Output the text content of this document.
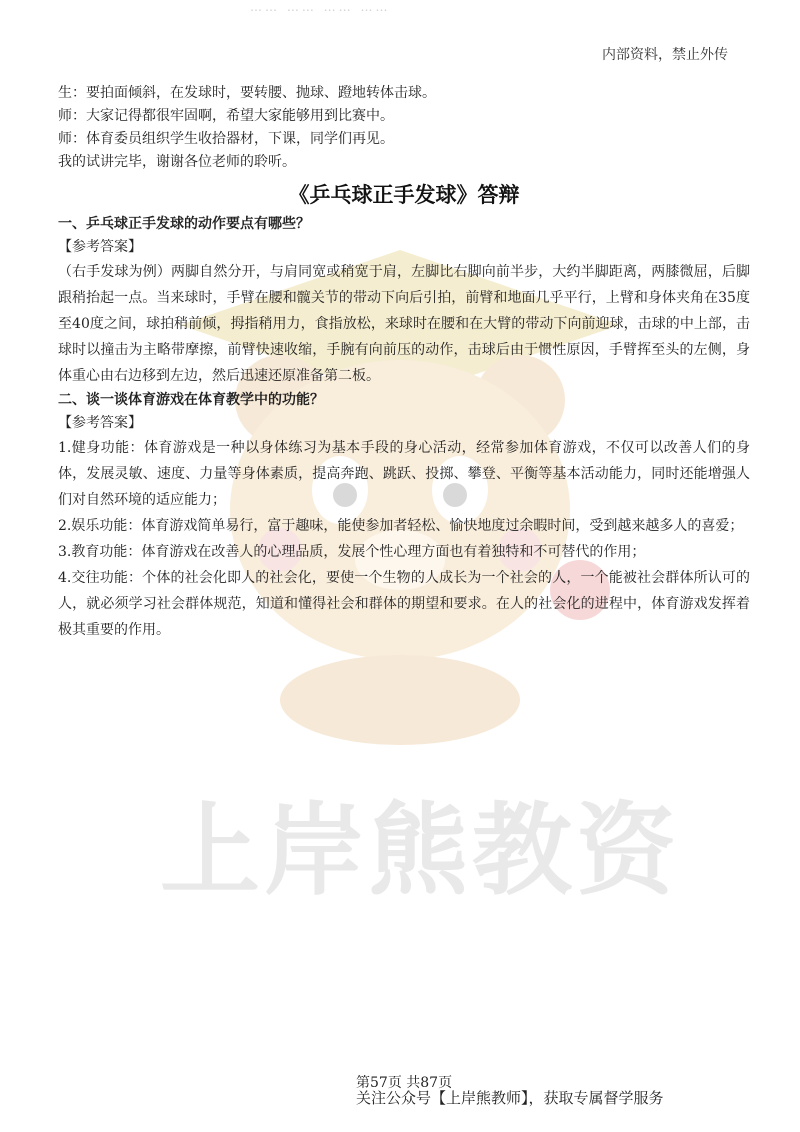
上岸熊教资
…… …… …… ……
内部资料，禁止外传

生：要拍面倾斜，在发球时，要转腰、抛球、蹬地转体击球。

师：大家记得都很牢固啊，希望大家能够用到比赛中。

师：体育委员组织学生收拾器材，下课，同学们再见。

我的试讲完毕，谢谢各位老师的聆听。

《乒乓球正手发球》答辩

一、乒乓球正手发球的动作要点有哪些？

【参考答案】

（右手发球为例）两脚自然分开，与肩同宽或稍宽于肩，左脚比右脚向前半步，大约半脚距离，两膝微屈，后脚跟稍抬起一点。当来球时，手臂在腰和髋关节的带动下向后引拍，前臂和地面几乎平行，上臂和身体夹角在35度至40度之间，球拍稍前倾，拇指稍用力，食指放松，来球时在腰和在大臂的带动下向前迎球，击球的中上部，击球时以撞击为主略带摩擦，前臂快速收缩，手腕有向前压的动作，击球后由于惯性原因，手臂挥至头的左侧，身体重心由右边移到左边，然后迅速还原准备第二板。

二、谈一谈体育游戏在体育教学中的功能？

【参考答案】

1.健身功能：体育游戏是一种以身体练习为基本手段的身心活动，经常参加体育游戏，不仅可以改善人们的身体，发展灵敏、速度、力量等身体素质，提高奔跑、跳跃、投掷、攀登、平衡等基本活动能力，同时还能增强人们对自然环境的适应能力；

2.娱乐功能：体育游戏简单易行，富于趣味，能使参加者轻松、愉快地度过余暇时间，受到越来越多人的喜爱；

3.教育功能：体育游戏在改善人的心理品质，发展个性心理方面也有着独特和不可替代的作用；

4.交往功能：个体的社会化即人的社会化，要使一个生物的人成长为一个社会的人，一个能被社会群体所认可的人，就必须学习社会群体规范，知道和懂得社会和群体的期望和要求。在人的社会化的进程中，体育游戏发挥着极其重要的作用。

第57页 共87页
关注公众号【上岸熊教师】，获取专属督学服务
